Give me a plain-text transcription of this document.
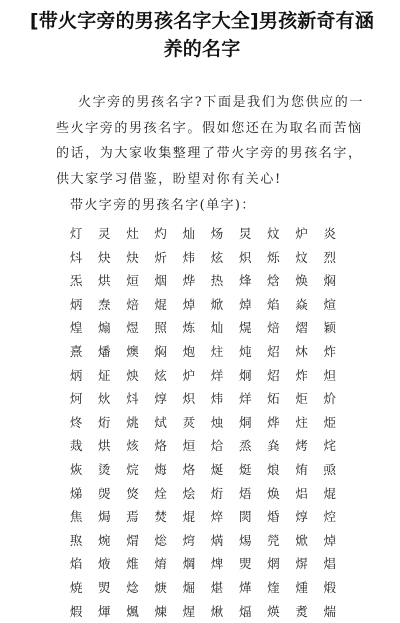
[带火字旁的男孩名字大全]男孩新奇有涵养的名字

火字旁的男孩名字?下面是我们为您供应的一些火字旁的男孩名字。假如您还在为取名而苦恼的话，为大家收集整理了带火字旁的男孩名字，供大家学习借鉴，盼望对你有关心!

带火字旁的男孩名字(单字)：

灯	灵	灶	灼	灿	炀	炅	炆	炉	炎
炓	炔	炔	炘	炜	炫	炽	烁	炆	烈
炁	烘	烜	烟	烨	热	烽	焓	焕	焖
炳	焘	焙	焜	焯	焮	焯	焰	焱	煊
煌	煽	煜	照	炼	灿	熀	焙	熠	颖
熹	燔	燠	焖	炮	炷	炖	炤	炑	炸
炳	炡	炴	炫	炉	烊	炯	炤	炸	炟
炣	炏	炓	焞	炽	炜	烊	炻	炬	炌
炵	烆	烑	烒	烎	烛	烔	烨	炷	烥
烖	烘	烗	烙	烜	烚	烝	烡	烤	烢
烣	烫	烷	烸	烙	烻	烶	烺	烠	焏
焍	焈	焂	烇	烩	烆	焐	焕	焒	焜
焦	焗	焉	焚	焜	焠	焛	焝	焞	焢
焣	焥	焨	焧	焪	焫	焬	焭	焮	焯
焰	焲	焳	焴	焵	焷	焸	焹	焺	焻
焼	焽	焾	焿	煀	煁	煂	煃	煄	煅
煆	煇	煈	煉	煋	煍	煏	煐	煑	煓
